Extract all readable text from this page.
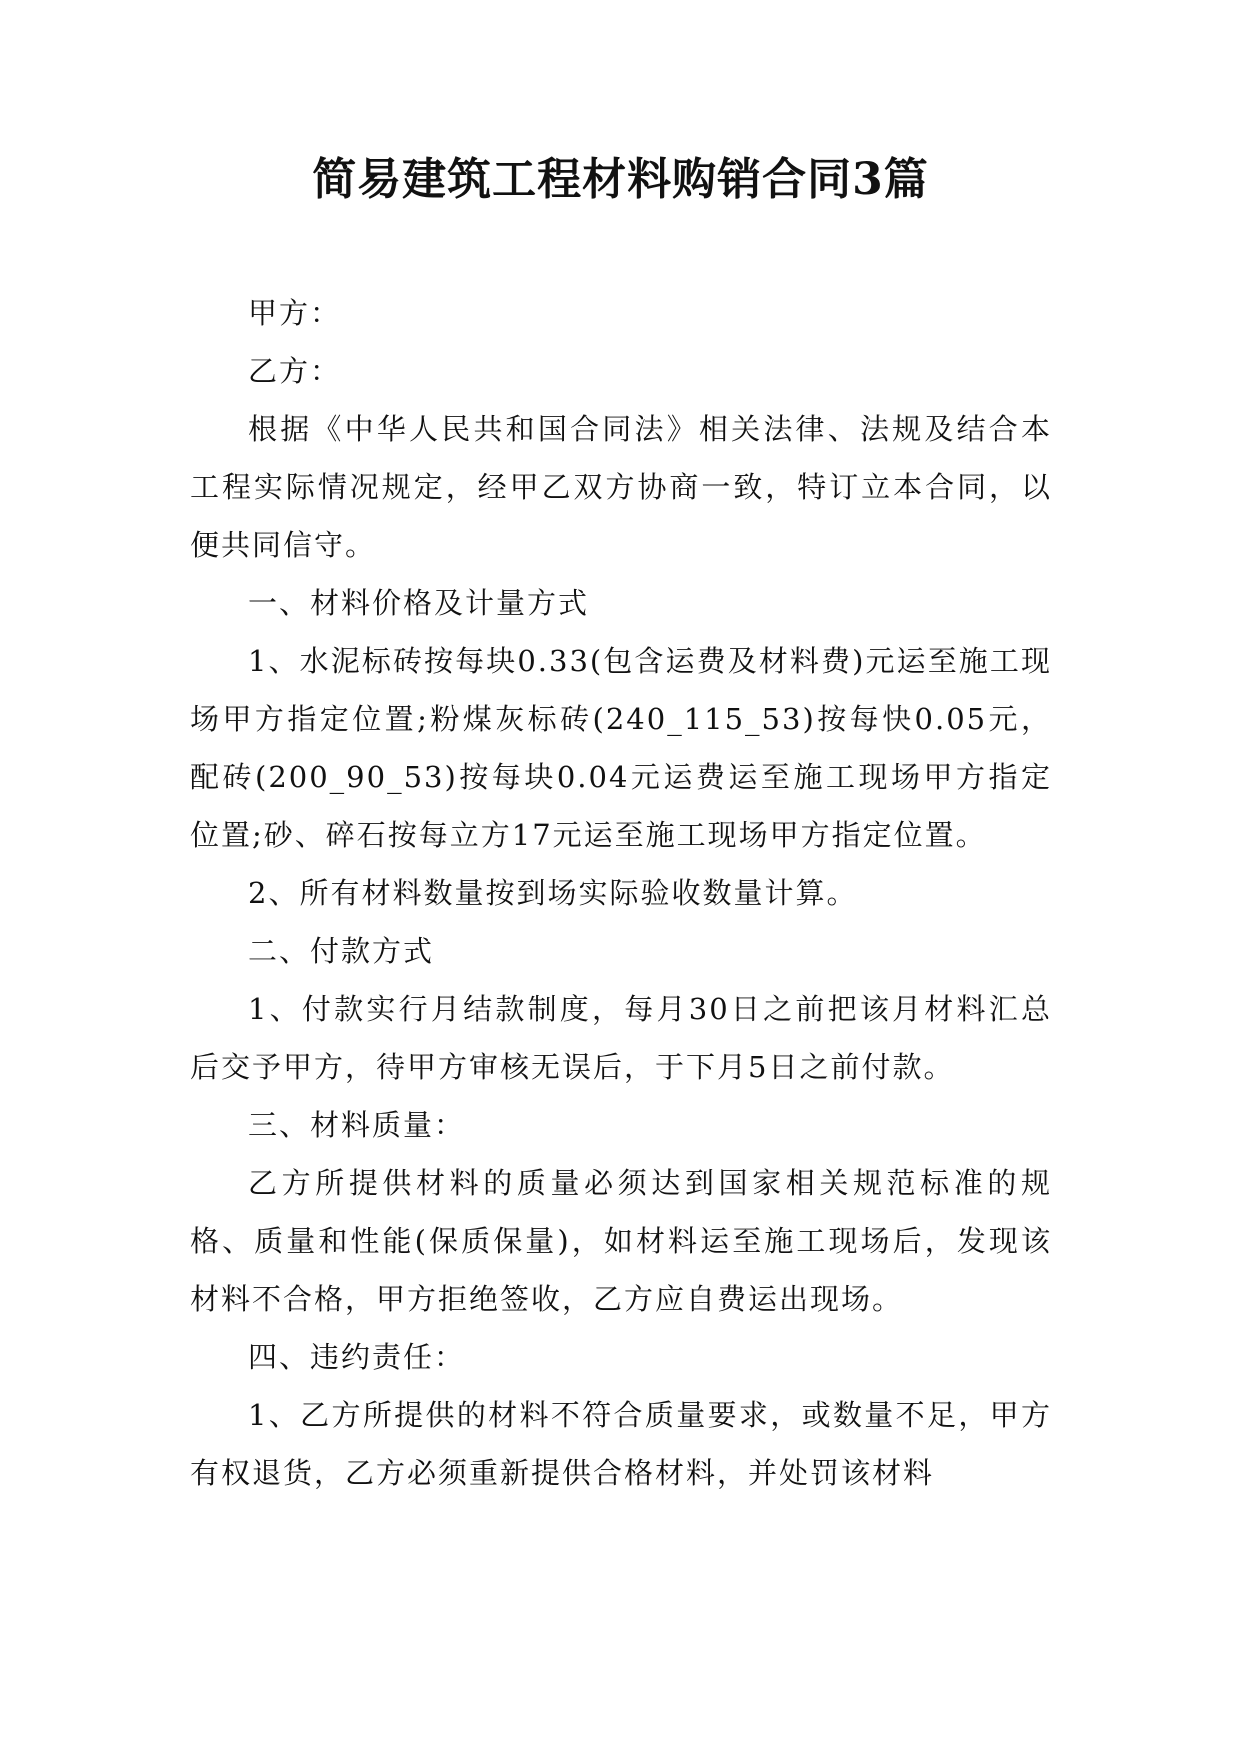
简易建筑工程材料购销合同3篇

甲方：

乙方：

根据《中华人民共和国合同法》相关法律、法规及结合本工程实际情况规定，经甲乙双方协商一致，特订立本合同，以便共同信守。

一、材料价格及计量方式

1、水泥标砖按每块0.33(包含运费及材料费)元运至施工现场甲方指定位置;粉煤灰标砖(240_115_53)按每快0.05元，配砖(200_90_53)按每块0.04元运费运至施工现场甲方指定位置;砂、碎石按每立方17元运至施工现场甲方指定位置。

2、所有材料数量按到场实际验收数量计算。

二、付款方式

1、付款实行月结款制度，每月30日之前把该月材料汇总后交予甲方，待甲方审核无误后，于下月5日之前付款。

三、材料质量：

乙方所提供材料的质量必须达到国家相关规范标准的规格、质量和性能(保质保量)，如材料运至施工现场后，发现该材料不合格，甲方拒绝签收，乙方应自费运出现场。

四、违约责任：

1、乙方所提供的材料不符合质量要求，或数量不足，甲方有权退货，乙方必须重新提供合格材料，并处罚该材料
